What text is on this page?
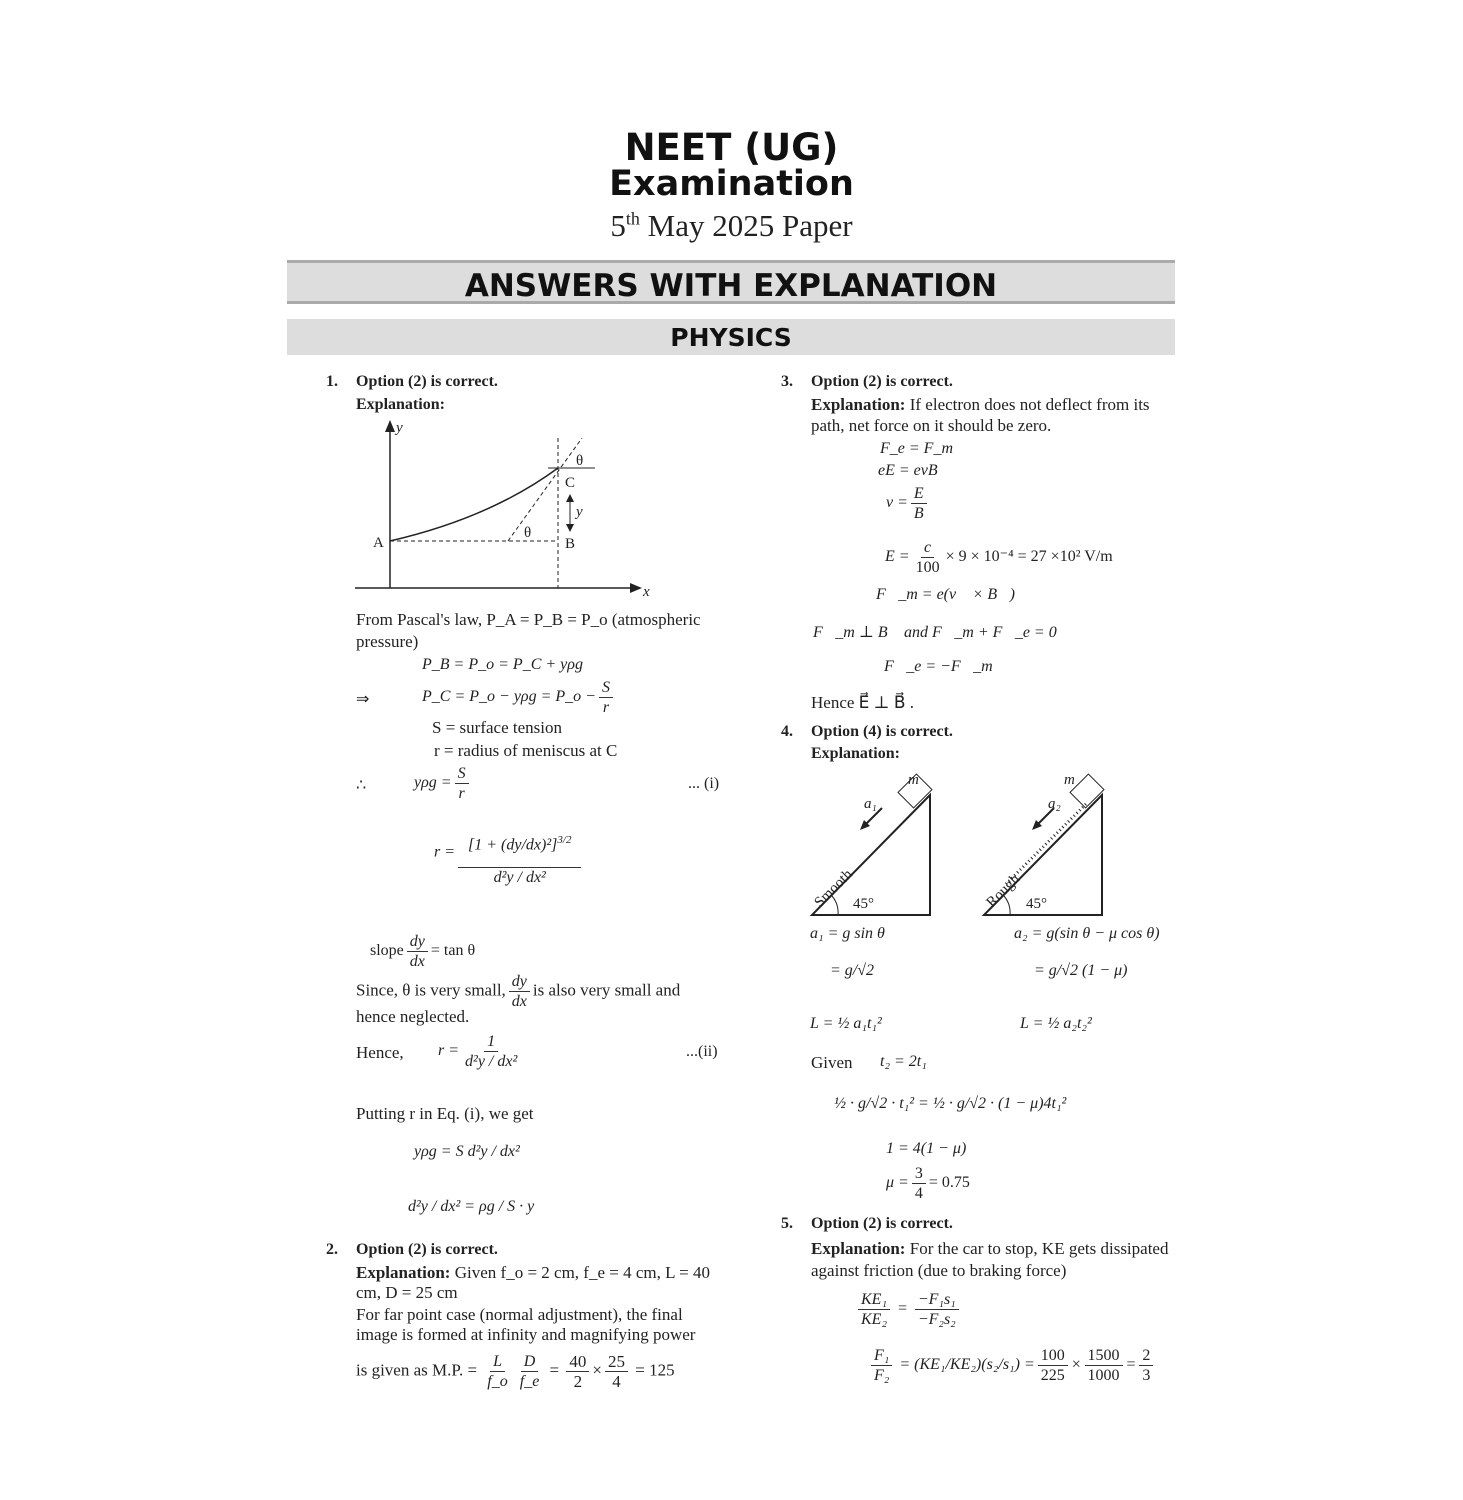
NEET (UG)
Examination
5th May 2025 Paper
ANSWERS WITH EXPLANATION
PHYSICS
1. Option (2) is correct.
Explanation:
y
x
A	B
C
θ
θ
y
From Pascal's law, P_A = P_B = P_o (atmospheric
pressure)
P_B = P_o = P_C + yρg
⇒	P_C = P_o − yρg = P_o − $\frac{S}{r}$
S = surface tension
r = radius of meniscus at C
∴	$y\rho g = \frac{S}{r}$	... (i)
$r = \frac{[1 + (dy/dx)^2]^{3/2}}{\text{d²y / dx²}}$
slope $\frac{dy}{dx} = \tan \theta$
Since, θ is very small, $\frac{dy}{dx}$ is also very small and
hence neglected.
Hence, $r = \frac{1}{\text{d²y / dx²}}$	...(ii)
Putting r in Eq. (i), we get
yρg = S d²y / dx²
d²y / dx² = ρg / S · y
2. Option (2) is correct.
Explanation: Given f_o = 2 cm, f_e = 4 cm, L = 40
cm, D = 25 cm
For far point case (normal adjustment), the final
image is formed at infinity and magnifying power
is given as M.P. = $\frac{L}{f\_o} \frac{D}{f\_e} = \frac{40}{2} \times \frac{25}{4} = 125$
3. Option (2) is correct.
Explanation: If electron does not deflect from its
path, net force on it should be zero.
F_e = F_m
eE = evB
$v = \frac{E}{B}$
$E = \frac{c}{100} \times 9 \times 10^{-4} = 27 \times 10^2$ V/m
F⃗_m = e(v⃗ × B⃗)
F⃗_m ⊥ B⃗ and F⃗_m + F⃗_e = 0⃗
F⃗_e = −F⃗_m
Hence E⃗ ⊥ B⃗ .
4. Option (4) is correct.
Explanation:
m
a₁
Smooth
45°
m
a₂
Rough 45°
a₁ = g sin θ	a₂ = g(sin θ − μ cos θ)
= g/√2	= g/√2 (1 − μ)
L = ½ a₁t₁²	L = ½ a₂t₂²
Given t₂ = 2t₁
½ · g/√2 · t₁² = ½ · g/√2 · (1 − μ)4t₁²
1 = 4(1 − μ)
$\mu = \frac{3}{4} = 0.75$
5. Option (2) is correct.
Explanation: For the car to stop, KE gets dissipated
against friction (due to braking force)
$\frac{\text{KE₁}}{\text{KE₂}} = \frac{\text{−F₁s₁}}{\text{−F₂s₂}}$
$\frac{\text{F₁}}{\text{F₂}} = (KE_1/KE_2)(s_2/s_1) = \frac{100}{225} \times \frac{1500}{1000} = \frac{2}{3}$
